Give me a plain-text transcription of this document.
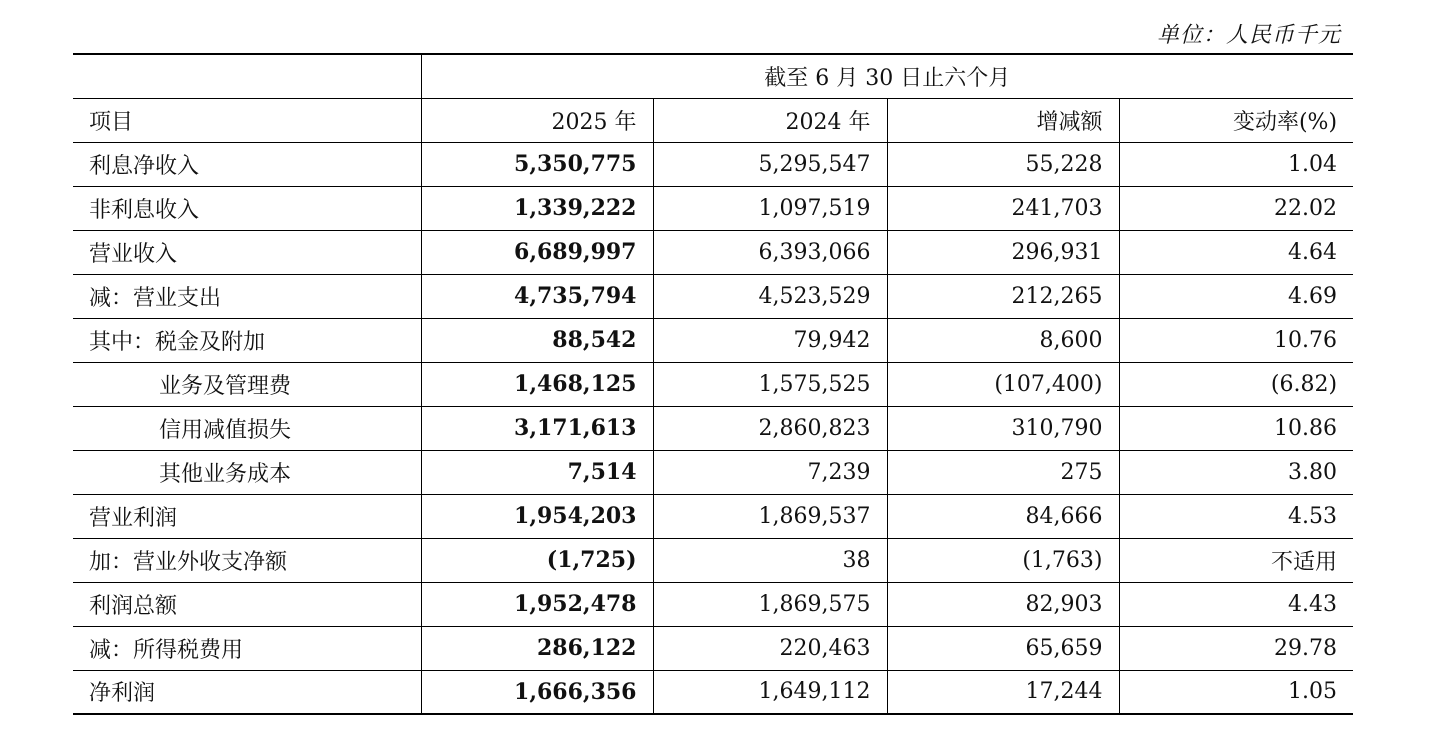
单位：人民币千元
	截至 6 月 30 日止六个月			
项目	2025 年	2024 年	增减额	变动率(%)
利息净收入	5,350,775	5,295,547	55,228	1.04
非利息收入	1,339,222	1,097,519	241,703	22.02
营业收入	6,689,997	6,393,066	296,931	4.64
减：营业支出	4,735,794	4,523,529	212,265	4.69
其中：税金及附加	88,542	79,942	8,600	10.76
业务及管理费	1,468,125	1,575,525	(107,400)	(6.82)
信用减值损失	3,171,613	2,860,823	310,790	10.86
其他业务成本	7,514	7,239	275	3.80
营业利润	1,954,203	1,869,537	84,666	4.53
加：营业外收支净额	(1,725)	38	(1,763)	不适用
利润总额	1,952,478	1,869,575	82,903	4.43
减：所得税费用	286,122	220,463	65,659	29.78
净利润	1,666,356	1,649,112	17,244	1.05
